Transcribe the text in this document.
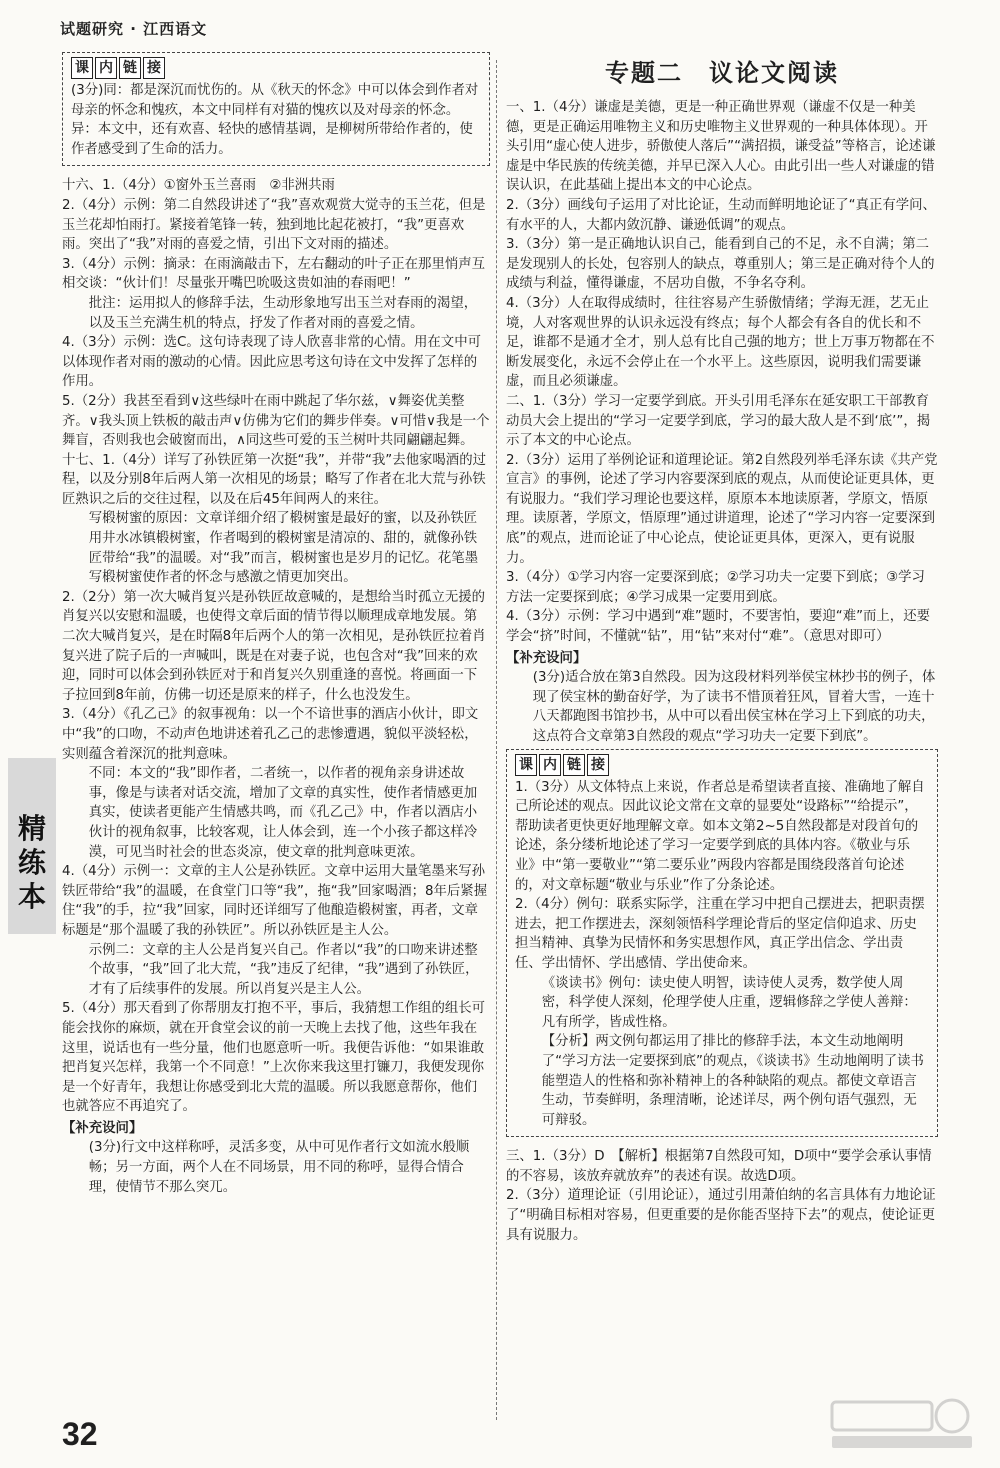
试题研究 · 江西语文
精练本
课 内 链 接

(3分)同：都是深沉而忧伤的。从《秋天的怀念》中可以体会到作者对母亲的怀念和愧疚，本文中同样有对猫的愧疚以及对母亲的怀念。

异：本文中，还有欢喜、轻快的感情基调，是柳树所带给作者的，使作者感受到了生命的活力。

十六、1.（4分）①窗外玉兰喜雨　②非洲共雨

2.（4分）示例：第二自然段讲述了“我”喜欢观赏大觉寺的玉兰花，但是玉兰花却怕雨打。紧接着笔锋一转，独到地比起花被打，“我”更喜欢雨。突出了“我”对雨的喜爱之情，引出下文对雨的描述。

3.（4分）示例：摘录：在雨滴敲击下，左右翻动的叶子正在那里悄声互相交谈：“伙计们！尽量张开嘴巴吮吸这贵如油的春雨吧！”

批注：运用拟人的修辞手法，生动形象地写出玉兰对春雨的渴望，以及玉兰充满生机的特点，抒发了作者对雨的喜爱之情。

4.（3分）示例：选C。这句诗表现了诗人欣喜非常的心情。用在文中可以体现作者对雨的激动的心情。因此应思考这句诗在文中发挥了怎样的作用。

5.（2分）我甚至看到∨这些绿叶在雨中跳起了华尔兹，∨舞姿优美整齐。∨我头顶上铁板的敲击声∨仿佛为它们的舞步伴奏。∨可惜∨我是一个舞盲，否则我也会破窗而出，∧同这些可爱的玉兰树叶共同翩翩起舞。

十七、1.（4分）详写了孙铁匠第一次挺“我”，并带“我”去他家喝酒的过程，以及分别8年后两人第一次相见的场景；略写了作者在北大荒与孙铁匠熟识之后的交往过程，以及在后45年间两人的来往。

写椴树蜜的原因：文章详细介绍了椴树蜜是最好的蜜，以及孙铁匠用井水冰镇椴树蜜，作者喝到的椴树蜜是清凉的、甜的，就像孙铁匠带给“我”的温暖。对“我”而言，椴树蜜也是岁月的记忆。花笔墨写椴树蜜使作者的怀念与感激之情更加突出。

2.（2分）第一次大喊肖复兴是孙铁匠故意喊的，是想给当时孤立无援的肖复兴以安慰和温暖，也使得文章后面的情节得以顺理成章地发展。第二次大喊肖复兴，是在时隔8年后两个人的第一次相见，是孙铁匠拉着肖复兴进了院子后的一声喊叫，既是在对妻子说，也包含对“我”回来的欢迎，同时可以体会到孙铁匠对于和肖复兴久别重逢的喜悦。将画面一下子拉回到8年前，仿佛一切还是原来的样子，什么也没发生。

3.（4分）《孔乙己》的叙事视角：以一个不谙世事的酒店小伙计，即文中“我”的口吻，不动声色地讲述着孔乙己的悲惨遭遇，貌似平淡轻松，实则蕴含着深沉的批判意味。

不同：本文的“我”即作者，二者统一，以作者的视角亲身讲述故事，像是与读者对话交流，增加了文章的真实性，使作者情感更加真实，使读者更能产生情感共鸣，而《孔乙己》中，作者以酒店小伙计的视角叙事，比较客观，让人体会到，连一个小孩子都这样冷漠，可见当时社会的世态炎凉，使文章的批判意味更浓。

4.（4分）示例一：文章的主人公是孙铁匠。文章中运用大量笔墨来写孙铁匠带给“我”的温暖，在食堂门口等“我”，拖“我”回家喝酒；8年后紧握住“我”的手，拉“我”回家，同时还详细写了他酿造椴树蜜，再者，文章标题是“那个温暖了我的孙铁匠”。所以孙铁匠是主人公。

示例二：文章的主人公是肖复兴自己。作者以“我”的口吻来讲述整个故事，“我”回了北大荒，“我”违反了纪律，“我”遇到了孙铁匠，才有了后续事件的发展。所以肖复兴是主人公。

5.（4分）那天看到了你帮朋友打抱不平，事后，我猜想工作组的组长可能会找你的麻烦，就在开食堂会议的前一天晚上去找了他，这些年我在这里，说话也有一些分量，他们也愿意听一听。我便告诉他：“如果谁敢把肖复兴怎样，我第一个不同意！”上次你来我这里打镰刀，我便发现你是一个好青年，我想让你感受到北大荒的温暖。所以我愿意帮你，他们也就答应不再追究了。

【补充设问】

(3分)行文中这样称呼，灵活多变，从中可见作者行文如流水般顺畅；另一方面，两个人在不同场景，用不同的称呼，显得合情合理，使情节不那么突兀。

专题二 议论文阅读

一、1.（4分）谦虚是美德，更是一种正确世界观（谦虚不仅是一种美德，更是正确运用唯物主义和历史唯物主义世界观的一种具体体现）。开头引用“虚心使人进步，骄傲使人落后”“满招损，谦受益”等格言，论述谦虚是中华民族的传统美德，并早已深入人心。由此引出一些人对谦虚的错误认识，在此基础上提出本文的中心论点。

2.（3分）画线句子运用了对比论证，生动而鲜明地论证了“真正有学问、有水平的人，大都内敛沉静、谦逊低调”的观点。

3.（3分）第一是正确地认识自己，能看到自己的不足，永不自满；第二是发现别人的长处，包容别人的缺点，尊重别人；第三是正确对待个人的成绩与利益，懂得谦虚，不居功自傲，不争名夺利。

4.（3分）人在取得成绩时，往往容易产生骄傲情绪；学海无涯，艺无止境，人对客观世界的认识永远没有终点；每个人都会有各自的优长和不足，谁都不是通才全才，别人总有比自己强的地方；世上万事万物都在不断发展变化，永远不会停止在一个水平上。这些原因，说明我们需要谦虚，而且必须谦虚。

二、1.（3分）学习一定要学到底。开头引用毛泽东在延安职工干部教育动员大会上提出的“学习一定要学到底，学习的最大敌人是不到‘底’”，揭示了本文的中心论点。

2.（3分）运用了举例论证和道理论证。第2自然段列举毛泽东读《共产党宣言》的事例，论述了学习内容要深到底的观点，从而使论证更具体，更有说服力。“我们学习理论也要这样，原原本本地读原著，学原文，悟原理。读原著，学原文，悟原理”通过讲道理，论述了“学习内容一定要深到底”的观点，进而论证了中心论点，使论证更具体，更深入，更有说服力。

3.（4分）①学习内容一定要深到底；②学习功夫一定要下到底；③学习方法一定要探到底；④学习成果一定要用到底。

4.（3分）示例：学习中遇到“难”题时，不要害怕，要迎“难”而上，还要学会“挤”时间，不懂就“钻”，用“钻”来对付“难”。（意思对即可）

【补充设问】

(3分)适合放在第3自然段。因为这段材料列举侯宝林抄书的例子，体现了侯宝林的勤奋好学，为了读书不惜顶着狂风，冒着大雪，一连十八天都跑图书馆抄书，从中可以看出侯宝林在学习上下到底的功夫，这点符合文章第3自然段的观点“学习功夫一定要下到底”。

课 内 链 接

1.（3分）从文体特点上来说，作者总是希望读者直接、准确地了解自己所论述的观点。因此议论文常在文章的显要处“设路标”“给提示”，帮助读者更快更好地理解文章。如本文第2~5自然段都是对段首句的论述，条分缕析地论述了学习一定要学到底的具体内容。《敬业与乐业》中“第一要敬业”“第二要乐业”两段内容都是围绕段落首句论述的，对文章标题“敬业与乐业”作了分条论述。

2.（4分）例句：联系实际学，注重在学习中把自己摆进去，把职责摆进去，把工作摆进去，深刻领悟科学理论背后的坚定信仰追求、历史担当精神、真挚为民情怀和务实思想作风，真正学出信念、学出责任、学出情怀、学出感情、学出使命来。

《谈读书》例句：读史使人明智，读诗使人灵秀，数学使人周密，科学使人深刻，伦理学使人庄重，逻辑修辞之学使人善辩：凡有所学，皆成性格。

【分析】两文例句都运用了排比的修辞手法，本文生动地阐明了“学习方法一定要探到底”的观点，《谈读书》生动地阐明了读书能塑造人的性格和弥补精神上的各种缺陷的观点。都使文章语言生动，节奏鲜明，条理清晰，论述详尽，两个例句语气强烈，无可辩驳。

三、1.（3分）D　【解析】根据第7自然段可知，D项中“要学会承认事情的不容易，该放弃就放弃”的表述有误。故选D项。

2.（3分）道理论证（引用论证），通过引用萧伯纳的名言具体有力地论证了“明确目标相对容易，但更重要的是你能否坚持下去”的观点，使论证更具有说服力。

32
